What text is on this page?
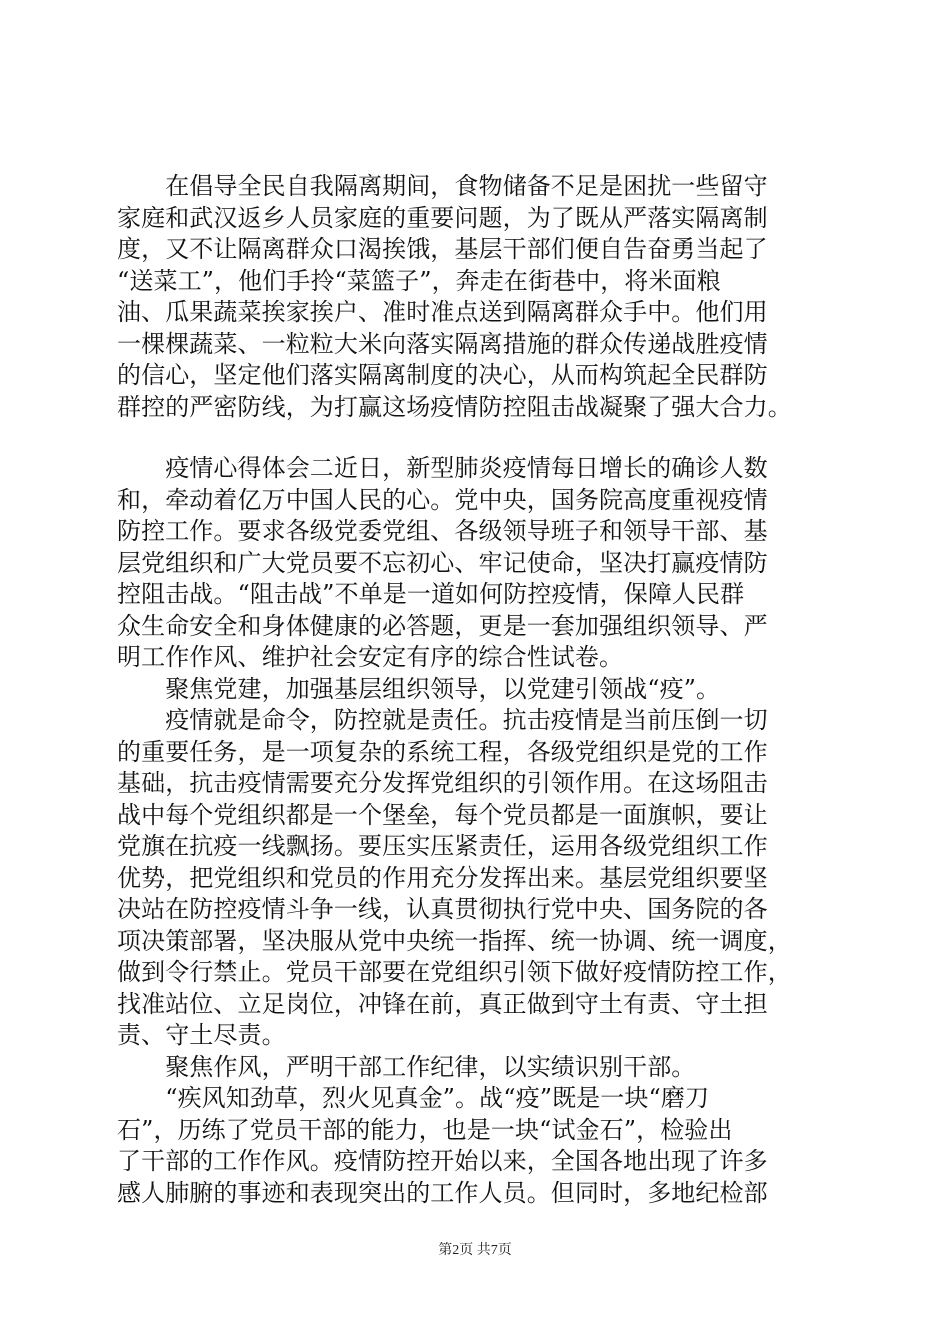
　　在倡导全民自我隔离期间，食物储备不足是困扰一些留守
家庭和武汉返乡人员家庭的重要问题，为了既从严落实隔离制
度，又不让隔离群众口渴挨饿，基层干部们便自告奋勇当起了
“送菜工”，他们手拎“菜篮子”，奔走在街巷中，将米面粮
油、瓜果蔬菜挨家挨户、准时准点送到隔离群众手中。他们用
一棵棵蔬菜、一粒粒大米向落实隔离措施的群众传递战胜疫情
的信心，坚定他们落实隔离制度的决心，从而构筑起全民群防
群控的严密防线，为打赢这场疫情防控阻击战凝聚了强大合力。
　　疫情心得体会二近日，新型肺炎疫情每日增长的确诊人数
和，牵动着亿万中国人民的心。党中央，国务院高度重视疫情
防控工作。要求各级党委党组、各级领导班子和领导干部、基
层党组织和广大党员要不忘初心、牢记使命，坚决打赢疫情防
控阻击战。“阻击战”不单是一道如何防控疫情，保障人民群
众生命安全和身体健康的必答题，更是一套加强组织领导、严
明工作作风、维护社会安定有序的综合性试卷。
　　聚焦党建，加强基层组织领导，以党建引领战“疫”。
　　疫情就是命令，防控就是责任。抗击疫情是当前压倒一切
的重要任务，是一项复杂的系统工程，各级党组织是党的工作
基础，抗击疫情需要充分发挥党组织的引领作用。在这场阻击
战中每个党组织都是一个堡垒，每个党员都是一面旗帜，要让
党旗在抗疫一线飘扬。要压实压紧责任，运用各级党组织工作
优势，把党组织和党员的作用充分发挥出来。基层党组织要坚
决站在防控疫情斗争一线，认真贯彻执行党中央、国务院的各
项决策部署，坚决服从党中央统一指挥、统一协调、统一调度，
做到令行禁止。党员干部要在党组织引领下做好疫情防控工作，
找准站位、立足岗位，冲锋在前，真正做到守土有责、守土担
责、守土尽责。
　　聚焦作风，严明干部工作纪律，以实绩识别干部。
　　“疾风知劲草，烈火见真金”。战“疫”既是一块“磨刀
石”，历练了党员干部的能力，也是一块“试金石”，检验出
了干部的工作作风。疫情防控开始以来，全国各地出现了许多
感人肺腑的事迹和表现突出的工作人员。但同时，多地纪检部
第2页 共7页
